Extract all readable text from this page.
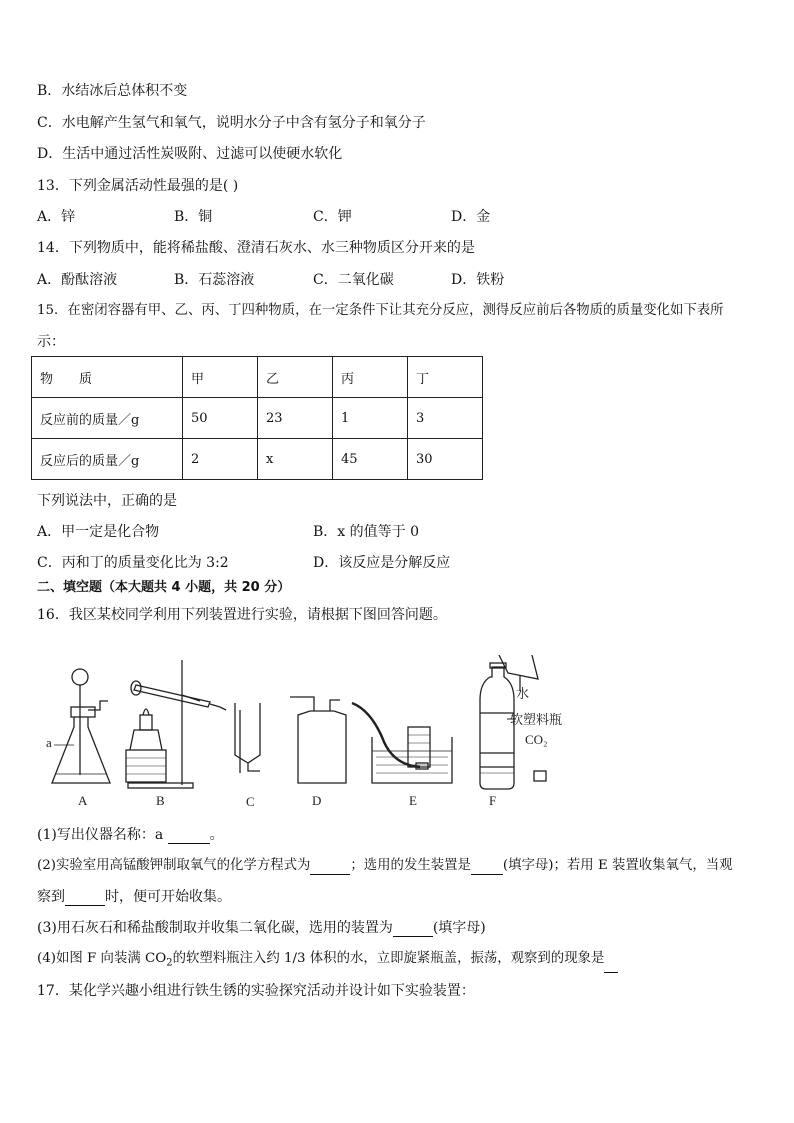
B．水结冰后总体积不变
C．水电解产生氢气和氧气，说明水分子中含有氢分子和氧分子
D．生活中通过活性炭吸附、过滤可以使硬水软化
13．下列金属活动性最强的是( )
A．锌	B．铜	C．钾	D．金
14．下列物质中，能将稀盐酸、澄清石灰水、水三种物质区分开来的是
A．酚酞溶液	B．石蕊溶液	C．二氧化碳	D．铁粉
15．在密闭容器有甲、乙、丙、丁四种物质，在一定条件下让其充分反应，测得反应前后各物质的质量变化如下表所
示：
物　　质	甲	乙	丙	丁
反应前的质量／g	50	23	1	3
反应后的质量／g	2	x	45	30
下列说法中，正确的是
A．甲一定是化合物	B．x 的值等于 0
C．丙和丁的质量变化比为 3:2	D．该反应是分解反应
二、填空题（本大题共 4 小题，共 20 分）
16．我区某校同学利用下列装置进行实验，请根据下图回答问题。
a
A	B	C	D	E	F
水
软塑料瓶
CO₂
(1)写出仪器名称：a	。
(2)实验室用高锰酸钾制取氧气的化学方程式为	；选用的发生装置是 (填字母)；若用 E 装置收集氧气，当观
察到	时，便可开始收集。
(3)用石灰石和稀盐酸制取并收集二氧化碳，选用的装置为	(填字母)
(4)如图 F 向装满 $CO_2$的软塑料瓶注入约 1/3 体积的水，立即旋紧瓶盖，振荡，观察到的现象是
17．某化学兴趣小组进行铁生锈的实验探究活动并设计如下实验装置：
